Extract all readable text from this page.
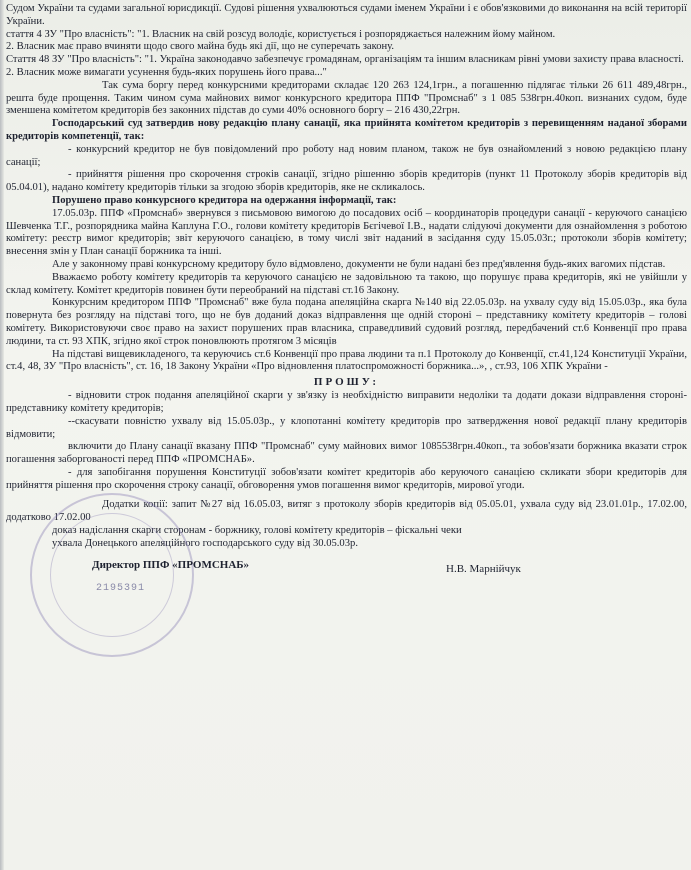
Судом України та судами загальної юрисдикції. Судові рішення ухвалюються судами іменем України і є обов'язковими до виконання на всій території України.

стаття 4 ЗУ "Про власність": "1. Власник на свій розсуд володіє, користується і розпоряджається належним йому майном.

2. Власник має право вчиняти щодо свого майна будь які дії, що не суперечать закону.

Стаття 48 ЗУ "Про власність": "1. Україна законодавчо забезпечує громадянам, організаціям та іншим власникам рівні умови захисту права власності.

2. Власник може вимагати усунення будь-яких порушень його права..."

Так сума боргу перед конкурсними кредиторами складає 120 263 124,1грн., а погашенню підлягає тільки 26 611 489,48грн., решта буде прощення. Таким чином сума майнових вимог конкурсного кредитора ППФ "Промснаб" з 1 085 538грн.40коп. визнаних судом, буде зменшена комітетом кредиторів без законних підстав до суми 40% основного боргу – 216 430,22грн.

Господарський суд затвердив нову редакцію плану санації, яка прийнята комітетом кредиторів з перевищенням наданої зборами кредиторів компетенції, так:

- конкурсний кредитор не був повідомлений про роботу над новим планом, також не був ознайомлений з новою редакцією плану санації;

- прийняття рішення про скорочення строків санації, згідно рішенню зборів кредиторів (пункт 11 Протоколу зборів кредиторів від 05.04.01), надано комітету кредиторів тільки за згодою зборів кредиторів, яке не скликалось.

Порушено право конкурсного кредитора на одержання інформації, так:

17.05.03р. ППФ «Промснаб» звернувся з письмовою вимогою до посадових осіб – координаторів процедури санації - керуючого санацією Шевченка Т.Г., розпорядника майна Каплуна Г.О., голови комітету кредиторів Бєгічевої І.В., надати слідуючі документи для ознайомлення з роботою комітету: реєстр вимог кредиторів; звіт керуючого санацією, в тому числі звіт наданий в засідання суду 15.05.03г.; протоколи зборів комітету; внесення змін у План санації боржника та інші.

Але у законному праві конкурсному кредитору було відмовлено, документи не були надані без пред'явлення будь-яких вагомих підстав.

Вважаємо роботу комітету кредиторів та керуючого санацією не задовільною та такою, що порушує права кредиторів, які не увійшли у склад комітету. Комітет кредиторів повинен бути переобраний на підставі ст.16 Закону.

Конкурсним кредитором ППФ "Промснаб" вже була подана апеляційна скарга №140 від 22.05.03р. на ухвалу суду від 15.05.03р., яка була повернута без розгляду на підставі того, що не був доданий доказ відправлення ще одній стороні – представнику комітету кредиторів – голові комітету. Використовуючи своє право на захист порушених прав власника, справедливий судовий розгляд, передбачений ст.6 Конвенції про права людини, та ст. 93 ХПК, згідно якої строк поновлюють протягом 3 місяців

На підставі вищевикладеного, та керуючись ст.6 Конвенції про права людини та п.1 Протоколу до Конвенції, ст.41,124 Конституції України, ст.4, 48, ЗУ "Про власність", ст. 16, 18 Закону України «Про відновлення платоспроможності боржника...», , ст.93, 106 ХПК України -

ПРОШУ:

- відновити строк подання апеляційної скарги у зв'язку із необхідністю виправити недоліки та додати докази відправлення стороні- представнику комітету кредиторів;

--скасувати повністю ухвалу від 15.05.03р., у клопотанні комітету кредиторів про затвердження нової редакції плану кредиторів відмовити;

включити до Плану санації вказану ППФ "Промснаб" суму майнових вимог 1085538грн.40коп., та зобов'язати боржника вказати строк погашення заборгованості перед ППФ «ПРОМСНАБ».

- для запобігання порушення Конституції зобов'язати комітет кредиторів або керуючого санацією скликати збори кредиторів для прийняття рішення про скорочення строку санації, обговорення умов погашення вимог кредиторів, мирової угоди.

Додатки копії: запит №27 від 16.05.03, витяг з протоколу зборів кредиторів від 05.05.01, ухвала суду від 23.01.01р., 17.02.00, додатково 17.02.00

доказ надіслання скарги сторонам - боржнику, голові комітету кредиторів – фіскальні чеки

ухвала Донецького апеляційного господарського суду від 30.05.03р.

2195391
Директор ППФ «ПРОМСНАБ»	Н.В. Марнійчук
